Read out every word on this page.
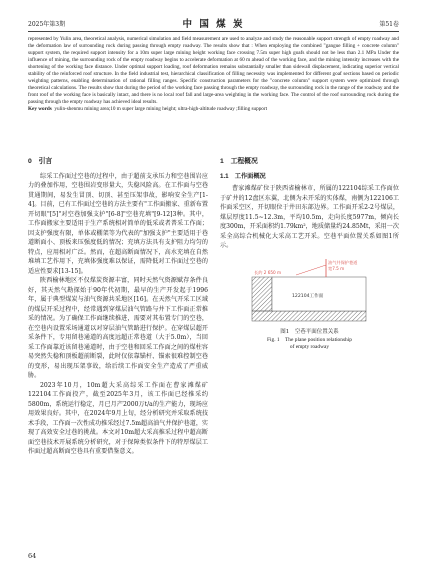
2025年第3期	中 国 煤 炭	第51卷

represented by Yulin area, theoretical analysis, numerical simulation and field measurement are used to analyze and study the reasonable support strength of empty roadway and the deformation law of surrounding rock during passing through empty roadway. The results show that : When employing the combined "gangue filling + concrete column" support system, the required support intensity for a 10m super large mining height working face crossing 7.5m super high goafs should not be less than 2.1 MPa Under the influence of mining, the surrounding rock of the empty roadway begins to accelerate deformation at 60 m ahead of the working face, and the mining intensity increases with the shortening of the working face distance. Under optimal support loading, roof deformation remains substantially smaller than sidewall displacement, indicating superior vertical stability of the reinforced roof structure. In the field industrial test, hierarchical classification of filling necessity was implemented for different goaf sections based on periodic weighting patterns, enabling determination of rational filling ranges. Specific construction parameters for the "concrete column" support system were optimized through theoretical calculations. The results show that during the period of the working face passing through the empty roadway, the surrounding rock in the range of the roadway and the front roof of the working face is basically intact, and there is no local roof fall and large-area weighting in the working face. The control of the roof surrounding rock during the passing through the empty roadway has achieved ideal results.

Key words yulin-shenmu mining area;10 m super large mining height; ultra-high-altitude roadway ;filling support

0　引言

综采工作面过空巷的过程中，由于超前支承压力和空巷围岩应力的叠加作用，空巷围岩变形量大，失稳风险高。在工作面与空巷贯通期间，易发生冒顶、切顶、甚至压架事故，影响安全生产[1-4]。目前，已有工作面过空巷的方法主要有"工作面搬家、重新布置开切眼"[5]"对空巷加强支护"[6-8]"空巷充填"[9-12]3种。其中，工作面搬家主要适用于生产系统相对简单的低采或者普采工作面；因支护强度有限，单体或棚架等为代表的"加强支护"主要适用于巷道断面小、顶板来压强度低的情况；充填方法具有支护阻力均匀的特点，应用相对广泛。然而，在超高断面情况下，高水充填在自然堆填工艺作用下，充填体强度难以保证，需降低对工作面过空巷的适应性要求[13-15]。

陕西榆林地区不仅煤炭资源丰富，同时天然气资源赋存条件良好，其天然气勘探始于90年代初期，最早的生产开发起于1996年，属于典型煤炭与油气资源共采地区[16]。在天然气开采工区域的煤层开采过程中，经常遇到穿煤层油气管路与井下工作面正常推采的情况。为了确保工作面继续推进，需要对其布置专门的空巷，在空巷内设置采场通道以对穿层油气管路进行保护。在穿煤层超开采条件下，专用留巷通道的高度远超正常巷道（大于5.0m），当回采工作面靠近该留巷通道时，由于空巷和回采工作面之间的煤柱容易突然失稳和顶板超前断裂，此时仅依靠锚杆、锚索很难控制空巷的变形，易出现压架事故，给后续工作面安全生产造成了严重威胁。

2023年10月，10m超大采高综采工作面在曹家滩煤矿122104工作面投产，截至2025年3月，该工作面已经推采约5800m，系统运行稳定，月已月产2000万t/a的生产能力，现场应用效果良好。其中，在2024年9月上旬，经分析研究并采取系统技术手段，工作面一次性成功推采经过7.5m超高油气井保护巷道，实现了高效安全过巷的挑战。本文对10m超大采高推采过程中超高断面空巷技术开展系统分析研究，对于保障类似条件下的特厚煤层工作面过超高断面空巷具有重要借鉴意义。

1　工程概况
1.1　工作面概况

曹家滩煤矿位于陕西省榆林市，所属的122104综采工作面位于矿井的12盘区东翼，北侧为未开采的实体煤，南侧为122106工作面采空区，开切眼位于井田东部边界。工作面开采2-2号煤层，煤层厚度11.5~12.3m，平均10.5m，走向长度5977m，倾向长度300m，开采面积约1.79km²，地质储量约24.85Mt，采用一次采全高综合机械化大采高工艺开采。空巷平面位置关系如图1所示。

油气井保护巷道
宽7.5 m
长约 2 650 m
122104工作面
图1　空巷平面位置关系
Fig. 1　The plane position relationship
of empty roadway
64
